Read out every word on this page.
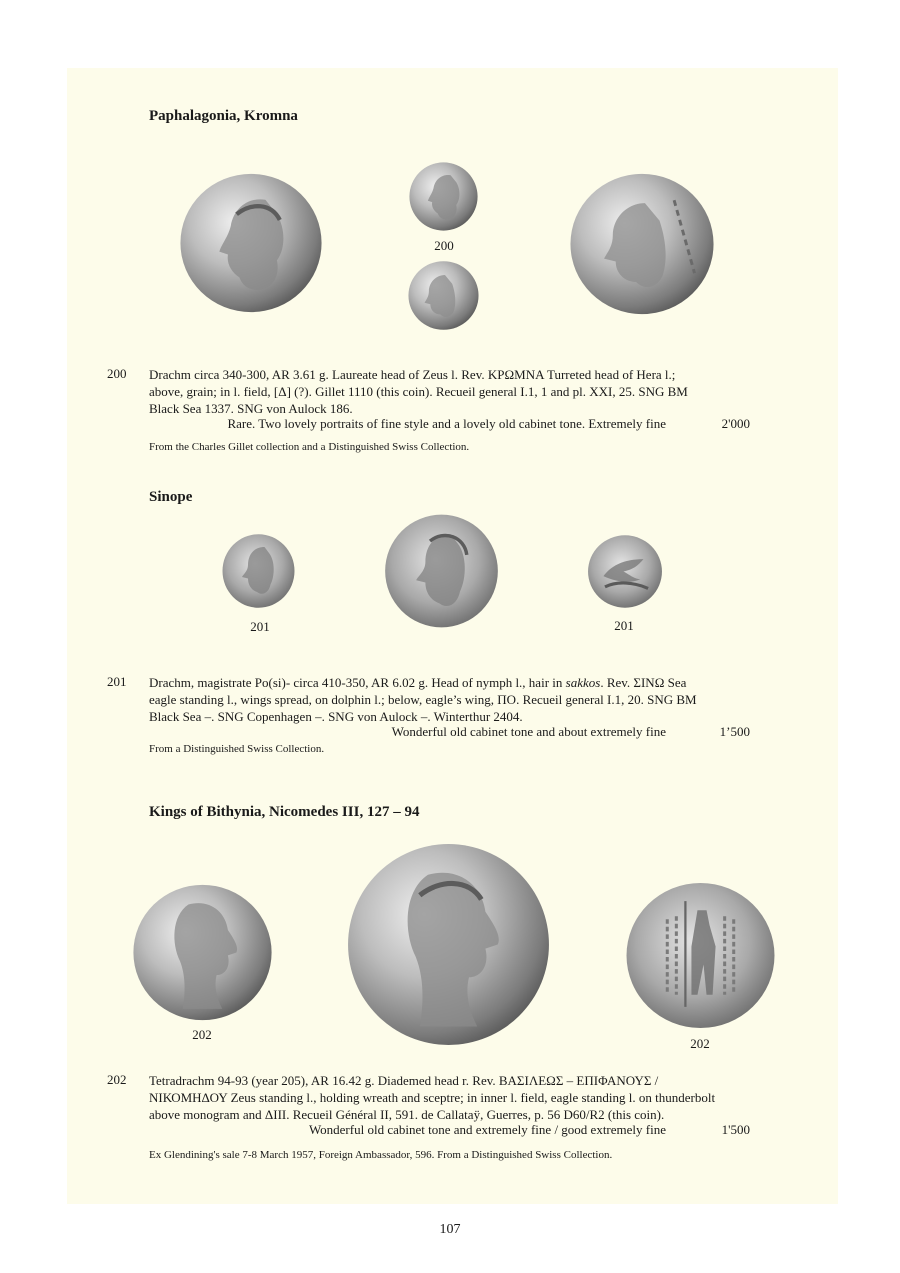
Paphalagonia, Kromna
200
200 Drachm circa 340-300, AR 3.61 g. Laureate head of Zeus l. Rev. ΚΡΩΜΝΑ Turreted head of Hera l.;
above, grain; in l. field, [Δ] (?). Gillet 1110 (this coin). Recueil general I.1, 1 and pl. XXI, 25. SNG BM
Black Sea 1337. SNG von Aulock 186.
Rare. Two lovely portraits of fine style and a lovely old cabinet tone. Extremely fine	2'000
From the Charles Gillet collection and a Distinguished Swiss Collection.
Sinope
201	201
201 Drachm, magistrate Po(si)- circa 410-350, AR 6.02 g. Head of nymph l., hair in sakkos. Rev. ΣΙΝΩ Sea
eagle standing l., wings spread, on dolphin l.; below, eagle’s wing, ΠΟ. Recueil general I.1, 20. SNG BM
Black Sea –. SNG Copenhagen –. SNG von Aulock –. Winterthur 2404.
Wonderful old cabinet tone and about extremely fine	1’500
From a Distinguished Swiss Collection.
Kings of Bithynia, Nicomedes III, 127 – 94
202
202
202 Tetradrachm 94-93 (year 205), AR 16.42 g. Diademed head r. Rev. ΒΑΣΙΛΕΩΣ – ΕΠΙΦΑΝΟΥΣ /
ΝΙΚΟΜΗΔΟΥ Zeus standing l., holding wreath and sceptre; in inner l. field, eagle standing l. on thunderbolt
above monogram and ΔΙΙΙ. Recueil Général II, 591. de Callataÿ, Guerres, p. 56 D60/R2 (this coin).
Wonderful old cabinet tone and extremely fine / good extremely fine	1'500
Ex Glendining's sale 7-8 March 1957, Foreign Ambassador, 596. From a Distinguished Swiss Collection.
107
